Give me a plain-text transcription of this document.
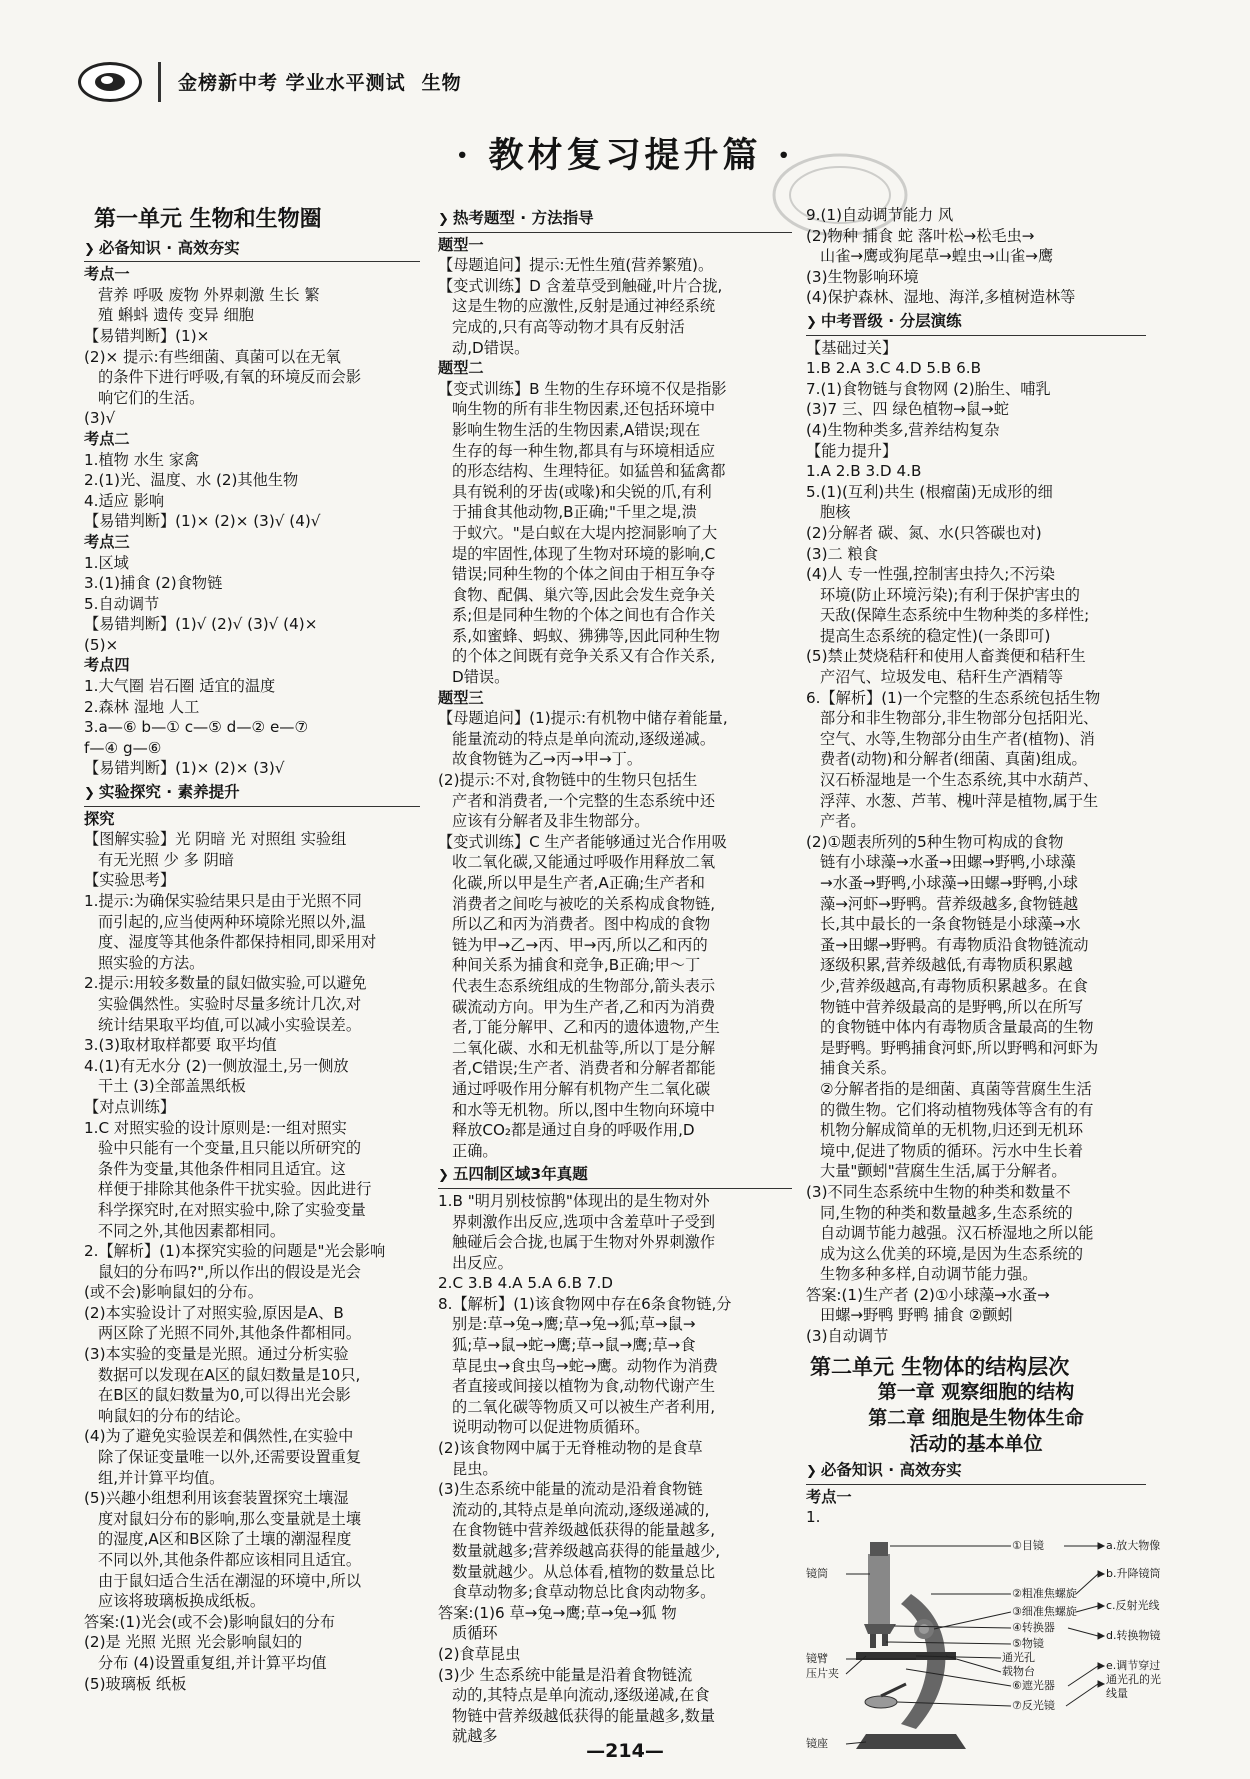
金榜新中考 学业水平测试 生物
· 教材复习提升篇 ·
第一单元 生物和生物圈
❯ 必备知识 · 高效夯实
考点一
营养 呼吸 废物 外界刺激 生长 繁
殖 蝌蚪 遗传 变异 细胞
【易错判断】(1)×
(2)× 提示:有些细菌、真菌可以在无氧
的条件下进行呼吸,有氧的环境反而会影
响它们的生活。
(3)√
考点二
1.植物 水生 家禽
2.(1)光、温度、水 (2)其他生物
4.适应 影响
【易错判断】(1)× (2)× (3)√ (4)√
考点三
1.区域
3.(1)捕食 (2)食物链
5.自动调节
【易错判断】(1)√ (2)√ (3)√ (4)×
(5)×
考点四
1.大气圈 岩石圈 适宜的温度
2.森林 湿地 人工
3.a—⑥ b—① c—⑤ d—② e—⑦
f—④ g—⑥
【易错判断】(1)× (2)× (3)√
❯ 实验探究 · 素养提升
探究
【图解实验】光 阴暗 光 对照组 实验组
有无光照 少 多 阴暗
【实验思考】
1.提示:为确保实验结果只是由于光照不同
而引起的,应当使两种环境除光照以外,温
度、湿度等其他条件都保持相同,即采用对
照实验的方法。
2.提示:用较多数量的鼠妇做实验,可以避免
实验偶然性。实验时尽量多统计几次,对
统计结果取平均值,可以减小实验误差。
3.(3)取材取样都要 取平均值
4.(1)有无水分 (2)一侧放湿土,另一侧放
干土 (3)全部盖黑纸板
【对点训练】
1.C 对照实验的设计原则是:一组对照实
验中只能有一个变量,且只能以所研究的
条件为变量,其他条件相同且适宜。这
样便于排除其他条件干扰实验。因此进行
科学探究时,在对照实验中,除了实验变量
不同之外,其他因素都相同。
2.【解析】(1)本探究实验的问题是"光会影响
鼠妇的分布吗?",所以作出的假设是光会
(或不会)影响鼠妇的分布。
(2)本实验设计了对照实验,原因是A、B
两区除了光照不同外,其他条件都相同。
(3)本实验的变量是光照。通过分析实验
数据可以发现在A区的鼠妇数量是10只,
在B区的鼠妇数量为0,可以得出光会影
响鼠妇的分布的结论。
(4)为了避免实验误差和偶然性,在实验中
除了保证变量唯一以外,还需要设置重复
组,并计算平均值。
(5)兴趣小组想利用该套装置探究土壤湿
度对鼠妇分布的影响,那么变量就是土壤
的湿度,A区和B区除了土壤的潮湿程度
不同以外,其他条件都应该相同且适宜。
由于鼠妇适合生活在潮湿的环境中,所以
应该将玻璃板换成纸板。
答案:(1)光会(或不会)影响鼠妇的分布
(2)是 光照 光照 光会影响鼠妇的
分布 (4)设置重复组,并计算平均值
(5)玻璃板 纸板
❯ 热考题型 · 方法指导
题型一
【母题追问】提示:无性生殖(营养繁殖)。
【变式训练】D 含羞草受到触碰,叶片合拢,
这是生物的应激性,反射是通过神经系统
完成的,只有高等动物才具有反射活
动,D错误。
题型二
【变式训练】B 生物的生存环境不仅是指影
响生物的所有非生物因素,还包括环境中
影响生物生活的生物因素,A错误;现在
生存的每一种生物,都具有与环境相适应
的形态结构、生理特征。如猛兽和猛禽都
具有锐利的牙齿(或喙)和尖锐的爪,有利
于捕食其他动物,B正确;"千里之堤,溃
于蚁穴。"是白蚁在大堤内挖洞影响了大
堤的牢固性,体现了生物对环境的影响,C
错误;同种生物的个体之间由于相互争夺
食物、配偶、巢穴等,因此会发生竞争关
系;但是同种生物的个体之间也有合作关
系,如蜜蜂、蚂蚁、狒狒等,因此同种生物
的个体之间既有竞争关系又有合作关系,
D错误。
题型三
【母题追问】(1)提示:有机物中储存着能量,
能量流动的特点是单向流动,逐级递减。
故食物链为乙→丙→甲→丁。
(2)提示:不对,食物链中的生物只包括生
产者和消费者,一个完整的生态系统中还
应该有分解者及非生物部分。
【变式训练】C 生产者能够通过光合作用吸
收二氧化碳,又能通过呼吸作用释放二氧
化碳,所以甲是生产者,A正确;生产者和
消费者之间吃与被吃的关系构成食物链,
所以乙和丙为消费者。图中构成的食物
链为甲→乙→丙、甲→丙,所以乙和丙的
种间关系为捕食和竞争,B正确;甲～丁
代表生态系统组成的生物部分,箭头表示
碳流动方向。甲为生产者,乙和丙为消费
者,丁能分解甲、乙和丙的遗体遗物,产生
二氧化碳、水和无机盐等,所以丁是分解
者,C错误;生产者、消费者和分解者都能
通过呼吸作用分解有机物产生二氧化碳
和水等无机物。所以,图中生物向环境中
释放CO₂都是通过自身的呼吸作用,D
正确。
❯ 五四制区域3年真题
1.B "明月别枝惊鹊"体现出的是生物对外
界刺激作出反应,选项中含羞草叶子受到
触碰后会合拢,也属于生物对外界刺激作
出反应。
2.C 3.B 4.A 5.A 6.B 7.D
8.【解析】(1)该食物网中存在6条食物链,分
别是:草→兔→鹰;草→兔→狐;草→鼠→
狐;草→鼠→蛇→鹰;草→鼠→鹰;草→食
草昆虫→食虫鸟→蛇→鹰。动物作为消费
者直接或间接以植物为食,动物代谢产生
的二氧化碳等物质又可以被生产者利用,
说明动物可以促进物质循环。
(2)该食物网中属于无脊椎动物的是食草
昆虫。
(3)生态系统中能量的流动是沿着食物链
流动的,其特点是单向流动,逐级递减的,
在食物链中营养级越低获得的能量越多,
数量就越多;营养级越高获得的能量越少,
数量就越少。从总体看,植物的数量总比
食草动物多;食草动物总比食肉动物多。
答案:(1)6 草→兔→鹰;草→兔→狐 物
质循环
(2)食草昆虫
(3)少 生态系统中能量是沿着食物链流
动的,其特点是单向流动,逐级递减,在食
物链中营养级越低获得的能量越多,数量
就越多
9.(1)自动调节能力 风
(2)物种 捕食 蛇 落叶松→松毛虫→
山雀→鹰或狗尾草→蝗虫→山雀→鹰
(3)生物影响环境
(4)保护森林、湿地、海洋,多植树造林等
❯ 中考晋级 · 分层演练
【基础过关】
1.B 2.A 3.C 4.D 5.B 6.B
7.(1)食物链与食物网 (2)胎生、哺乳
(3)7 三、四 绿色植物→鼠→蛇
(4)生物种类多,营养结构复杂
【能力提升】
1.A 2.B 3.D 4.B
5.(1)(互利)共生 (根瘤菌)无成形的细
胞核
(2)分解者 碳、氮、水(只答碳也对)
(3)二 粮食
(4)人 专一性强,控制害虫持久;不污染
环境(防止环境污染);有利于保护害虫的
天敌(保障生态系统中生物种类的多样性;
提高生态系统的稳定性)(一条即可)
(5)禁止焚烧秸秆和使用人畜粪便和秸秆生
产沼气、垃圾发电、秸秆生产酒精等
6.【解析】(1)一个完整的生态系统包括生物
部分和非生物部分,非生物部分包括阳光、
空气、水等,生物部分由生产者(植物)、消
费者(动物)和分解者(细菌、真菌)组成。
汉石桥湿地是一个生态系统,其中水葫芦、
浮萍、水葱、芦苇、槐叶萍是植物,属于生
产者。
(2)①题表所列的5种生物可构成的食物
链有小球藻→水蚤→田螺→野鸭,小球藻
→水蚤→野鸭,小球藻→田螺→野鸭,小球
藻→河虾→野鸭。营养级越多,食物链越
长,其中最长的一条食物链是小球藻→水
蚤→田螺→野鸭。有毒物质沿食物链流动
逐级积累,营养级越低,有毒物质积累越
少,营养级越高,有毒物质积累越多。在食
物链中营养级最高的是野鸭,所以在所写
的食物链中体内有毒物质含量最高的生物
是野鸭。野鸭捕食河虾,所以野鸭和河虾为
捕食关系。
②分解者指的是细菌、真菌等营腐生生活
的微生物。它们将动植物残体等含有的有
机物分解成简单的无机物,归还到无机环
境中,促进了物质的循环。污水中生长着
大量"颤蚓"营腐生生活,属于分解者。
(3)不同生态系统中生物的种类和数量不
同,生物的种类和数量越多,生态系统的
自动调节能力越强。汉石桥湿地之所以能
成为这么优美的环境,是因为生态系统的
生物多种多样,自动调节能力强。
答案:(1)生产者 (2)①小球藻→水蚤→
田螺→野鸭 野鸭 捕食 ②颤蚓
(3)自动调节
第二单元 生物体的结构层次
第一章 观察细胞的结构
第二章 细胞是生物体生命
活动的基本单位
❯ 必备知识 · 高效夯实
考点一
1.
镜筒
镜臂
压片夹
镜座
①目镜
②粗准焦螺旋
③细准焦螺旋
④转换器
⑤物镜
通光孔
载物台
⑥遮光器
⑦反光镜
a.放大物像
b.升降镜筒
c.反射光线
d.转换物镜
e.调节穿过
通光孔的光
线量
—214—
